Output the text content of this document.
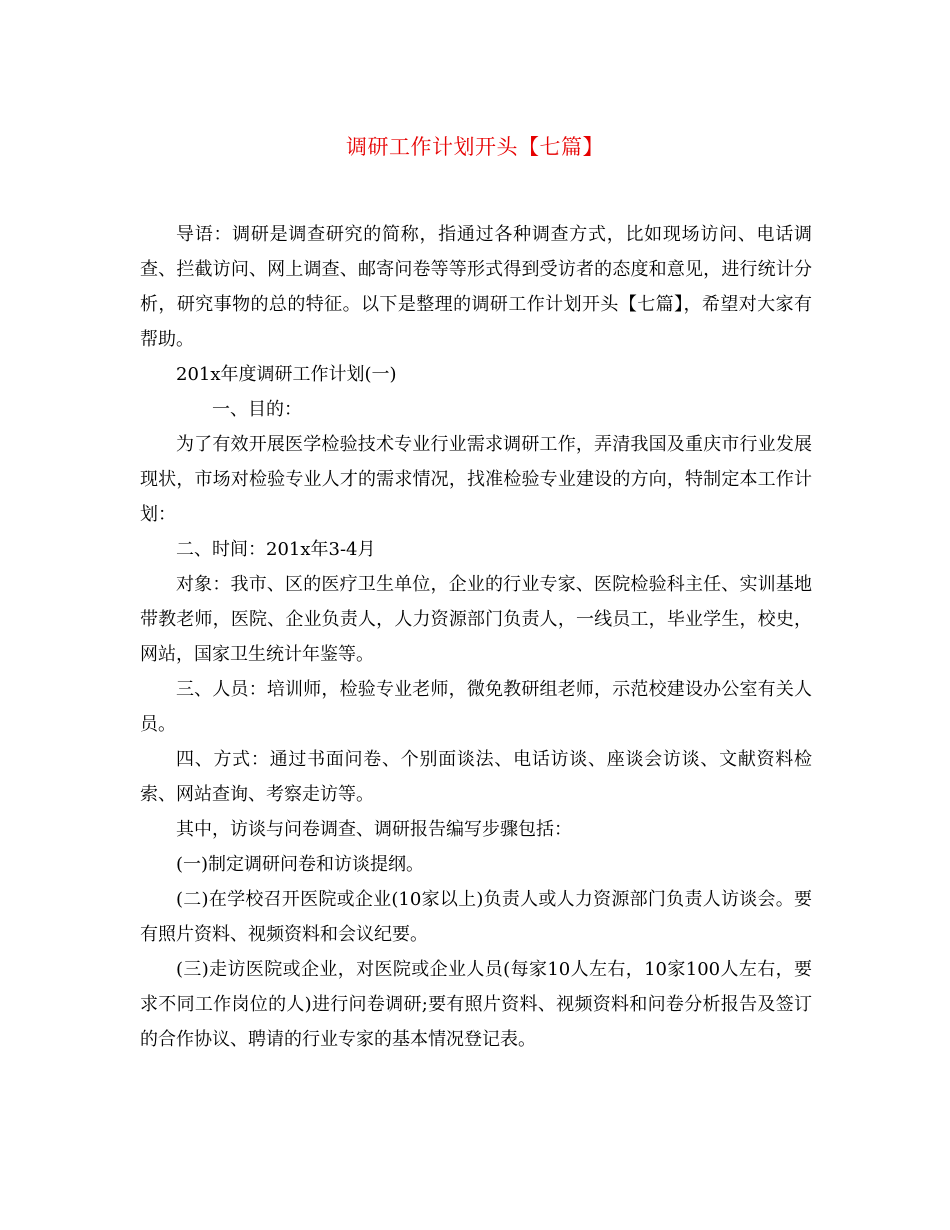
调研工作计划开头【七篇】

导语：调研是调查研究的简称，指通过各种调查方式，比如现场访问、电话调查、拦截访问、网上调查、邮寄问卷等等形式得到受访者的态度和意见，进行统计分析，研究事物的总的特征。以下是整理的调研工作计划开头【七篇】，希望对大家有帮助。

201x年度调研工作计划(一)

一、目的：

为了有效开展医学检验技术专业行业需求调研工作，弄清我国及重庆市行业发展现状，市场对检验专业人才的需求情况，找准检验专业建设的方向，特制定本工作计划：

二、时间：201x年3-4月

对象：我市、区的医疗卫生单位，企业的行业专家、医院检验科主任、实训基地带教老师，医院、企业负责人，人力资源部门负责人，一线员工，毕业学生，校史，网站，国家卫生统计年鉴等。

三、人员：培训师，检验专业老师，微免教研组老师，示范校建设办公室有关人员。

四、方式：通过书面问卷、个别面谈法、电话访谈、座谈会访谈、文献资料检索、网站查询、考察走访等。

其中，访谈与问卷调查、调研报告编写步骤包括：

(一)制定调研问卷和访谈提纲。

(二)在学校召开医院或企业(10家以上)负责人或人力资源部门负责人访谈会。要有照片资料、视频资料和会议纪要。

(三)走访医院或企业，对医院或企业人员(每家10人左右，10家100人左右，要求不同工作岗位的人)进行问卷调研;要有照片资料、视频资料和问卷分析报告及签订的合作协议、聘请的行业专家的基本情况登记表。
